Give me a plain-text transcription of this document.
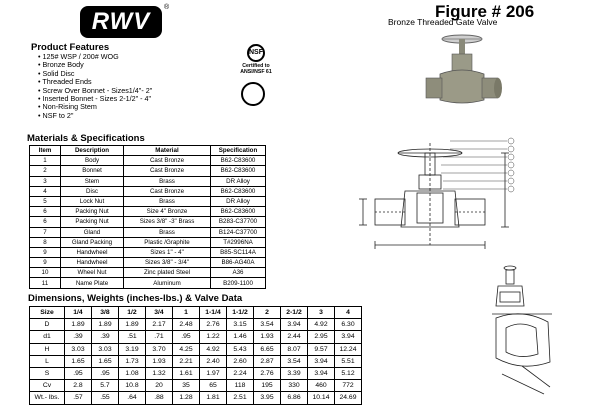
RWV
®	Figure # 206
Bronze Threaded Gate Valve
Product Features
• 125# WSP / 200# WOG
• Bronze Body
• Solid Disc
• Threaded Ends
• Screw Over Bonnet - Sizes1/4"- 2"
• Inserted Bonnet - Sizes 2-1/2" - 4"
• Non-Rising Stem
• NSF to 2"
NSF
Certified to
ANSI/NSF 61
Materials & Specifications
Item	Description	Material	Specification
1	Body	Cast Bronze	B62-C83600
2	Bonnet	Cast Bronze	B62-C83600
3	Stem	Brass	DR Alloy
4	Disc	Cast Bronze	B62-C83600
5	Lock Nut	Brass	DR Alloy
6	Packing Nut	Size 4" Bronze	B62-C83600
6	Packing Nut	Sizes 3/8" -3" Brass	B283-C37700
7	Gland	Brass	B124-C37700
8	Gland Packing	Plastic /Graphite	T#2996NA
9	Handwheel	Sizes 1" - 4"	B85-SC114A
9	Handwheel	Sizes 3/8" - 3/4"	B86-AG40A
10	Wheel Nut	Zinc plated Steel	A36
11	Name Plate	Aluminum	B209-1100
Dimensions, Weights (inches-lbs.) & Valve Data
Size	1/4	3/8	1/2	3/4	1	1-1/4	1-1/2	2	2-1/2	3	4
D	1.89	1.89	1.89	2.17	2.48	2.76	3.15	3.54	3.94	4.92	6.30
d1	.39	.39	.51	.71	.95	1.22	1.46	1.93	2.44	2.95	3.94
H	3.03	3.03	3.19	3.70	4.25	4.92	5.43	6.65	8.07	9.57	12.24
L	1.65	1.65	1.73	1.93	2.21	2.40	2.60	2.87	3.54	3.94	5.51
S	.95	.95	1.08	1.32	1.61	1.97	2.24	2.76	3.39	3.94	5.12
Cv	2.8	5.7	10.8	20	35	65	118	195	330	460	772
Wt.- lbs.	.57	.55	.64	.88	1.28	1.81	2.51	3.95	6.86	10.14	24.69
